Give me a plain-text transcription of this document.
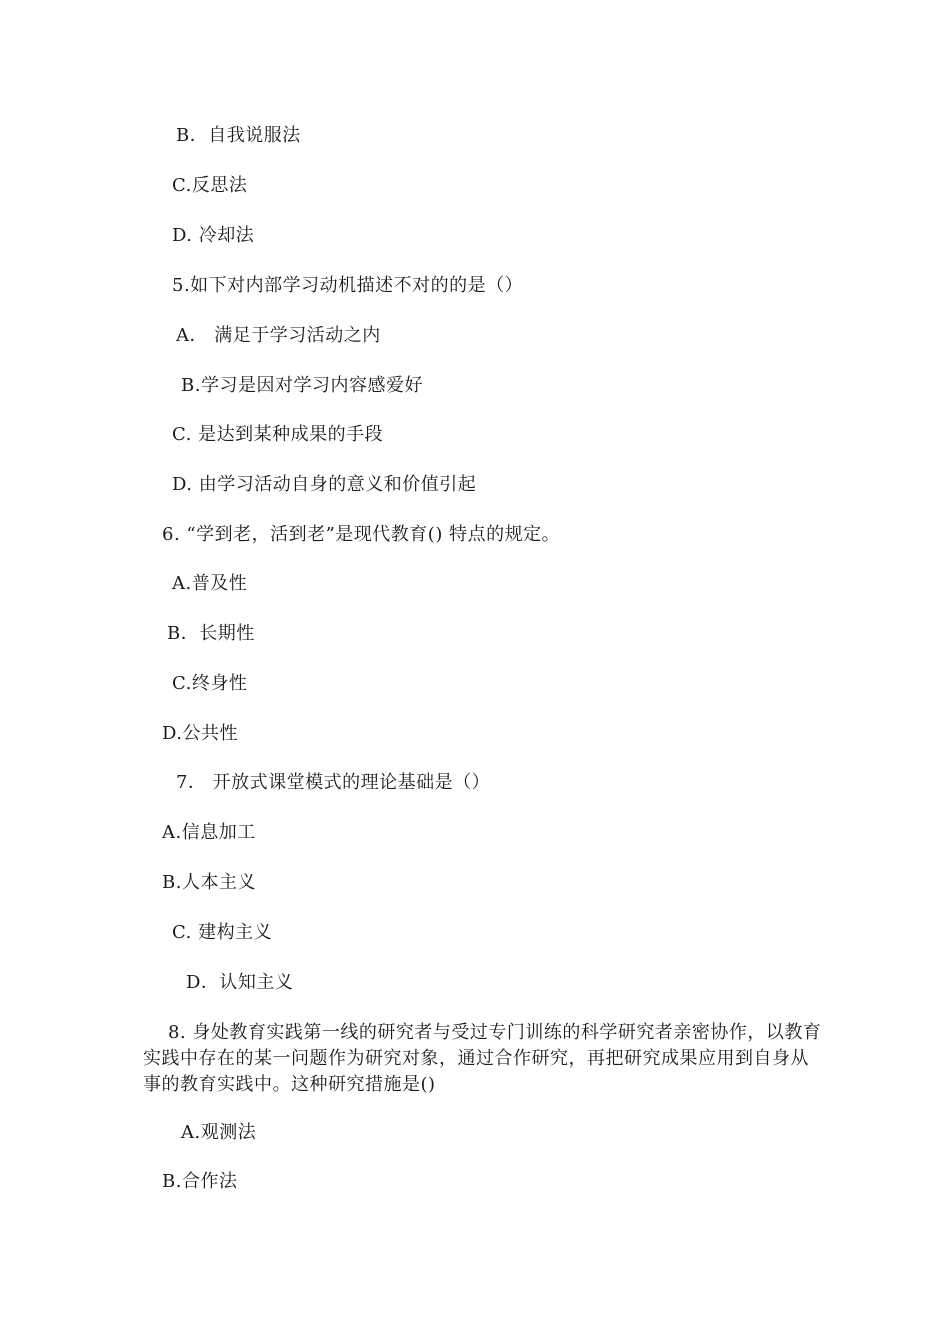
B．自我说服法

C.反思法

D. 冷却法

5.如下对内部学习动机描述不对的的是（）

A． 满足于学习活动之内

B.学习是因对学习内容感爱好

C. 是达到某种成果的手段

D. 由学习活动自身的意义和价值引起

6. “学到老，活到老”是现代教育() 特点的规定。

A.普及性

B．长期性

C.终身性

D.公共性

7． 开放式课堂模式的理论基础是（）

A.信息加工

B.人本主义

C. 建构主义

D．认知主义

8. 身处教育实践第一线的研究者与受过专门训练的科学研究者亲密协作，以教育实践中存在的某一问题作为研究对象，通过合作研究，再把研究成果应用到自身从事的教育实践中。这种研究措施是()

A.观测法

B.合作法
